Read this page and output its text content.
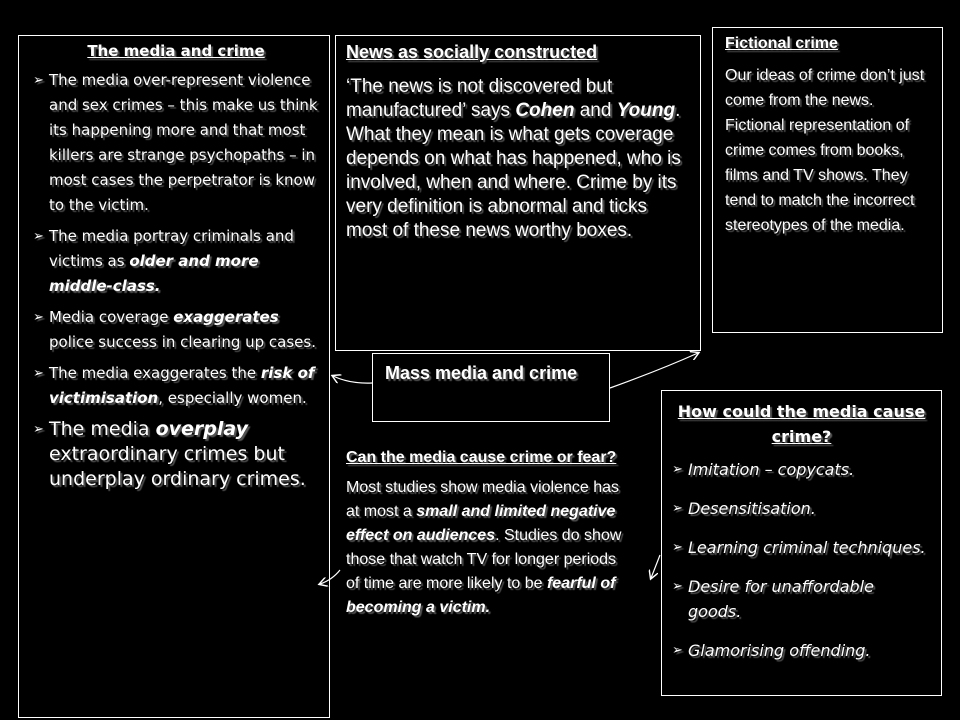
The media and crime
➢ The media over-represent violence and sex crimes – this make us think its happening more and that most killers are strange psychopaths – in most cases the perpetrator is know to the victim.
➢ The media portray criminals and victims as older and more middle-class.
➢ Media coverage exaggerates police success in clearing up cases.
➢ The media exaggerates the risk of victimisation, especially women.
➢ The media overplay extraordinary crimes but underplay ordinary crimes.
News as socially constructed

‘The news is not discovered but manufactured’ says Cohen and Young. What they mean is what gets coverage depends on what has happened, who is involved, when and where. Crime by its very definition is abnormal and ticks most of these news worthy boxes.

Mass media and crime
Fictional crime

Our ideas of crime don’t just come from the news. Fictional representation of crime comes from books, films and TV shows. They tend to match the incorrect stereotypes of the media.

How could the media cause crime?
➢ Imitation – copycats.
➢ Desensitisation.
➢ Learning criminal techniques.
➢ Desire for unaffordable goods.
➢ Glamorising offending.
Can the media cause crime or fear?

Most studies show media violence has at most a small and limited negative effect on audiences. Studies do show those that watch TV for longer periods of time are more likely to be fearful of becoming a victim.
